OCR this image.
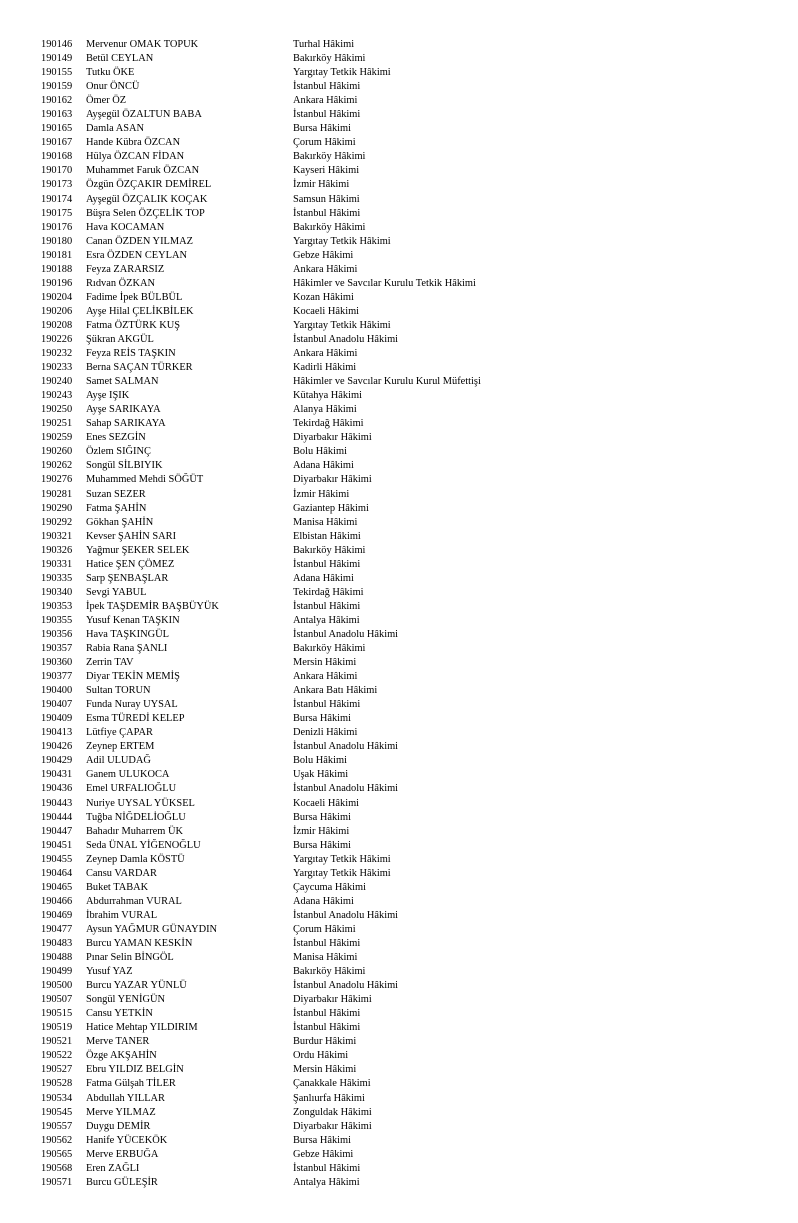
190146 Mervenur OMAK TOPUK	Turhal Hâkimi
190149 Betül CEYLAN	Bakırköy Hâkimi
190155 Tutku ÖKE	Yargıtay Tetkik Hâkimi
190159 Onur ÖNCÜ	İstanbul Hâkimi
190162 Ömer ÖZ	Ankara Hâkimi
190163 Ayşegül ÖZALTUN BABA	İstanbul Hâkimi
190165 Damla ASAN	Bursa Hâkimi
190167 Hande Kübra ÖZCAN	Çorum Hâkimi
190168 Hülya ÖZCAN FİDAN	Bakırköy Hâkimi
190170 Muhammet Faruk ÖZCAN	Kayseri Hâkimi
190173 Özgün ÖZÇAKIR DEMİREL	İzmir Hâkimi
190174 Ayşegül ÖZÇALIK KOÇAK	Samsun Hâkimi
190175 Büşra Selen ÖZÇELİK TOP	İstanbul Hâkimi
190176 Hava KOCAMAN	Bakırköy Hâkimi
190180 Canan ÖZDEN YILMAZ	Yargıtay Tetkik Hâkimi
190181 Esra ÖZDEN CEYLAN	Gebze Hâkimi
190188 Feyza ZARARSIZ	Ankara Hâkimi
190196 Rıdvan ÖZKAN	Hâkimler ve Savcılar Kurulu Tetkik Hâkimi
190204 Fadime İpek BÜLBÜL	Kozan Hâkimi
190206 Ayşe Hilal ÇELİKBİLEK	Kocaeli Hâkimi
190208 Fatma ÖZTÜRK KUŞ	Yargıtay Tetkik Hâkimi
190226 Şükran AKGÜL	İstanbul Anadolu Hâkimi
190232 Feyza REİS TAŞKIN	Ankara Hâkimi
190233 Berna SAÇAN TÜRKER	Kadirli Hâkimi
190240 Samet SALMAN	Hâkimler ve Savcılar Kurulu Kurul Müfettişi
190243 Ayşe IŞIK	Kütahya Hâkimi
190250 Ayşe SARIKAYA	Alanya Hâkimi
190251 Sahap SARIKAYA	Tekirdağ Hâkimi
190259 Enes SEZGİN	Diyarbakır Hâkimi
190260 Özlem SIĞINÇ	Bolu Hâkimi
190262 Songül SİLBIYIK	Adana Hâkimi
190276 Muhammed Mehdi SÖĞÜT	Diyarbakır Hâkimi
190281 Suzan SEZER	İzmir Hâkimi
190290 Fatma ŞAHİN	Gaziantep Hâkimi
190292 Gökhan ŞAHİN	Manisa Hâkimi
190321 Kevser ŞAHİN SARI	Elbistan Hâkimi
190326 Yağmur ŞEKER SELEK	Bakırköy Hâkimi
190331 Hatice ŞEN ÇÖMEZ	İstanbul Hâkimi
190335 Sarp ŞENBAŞLAR	Adana Hâkimi
190340 Sevgi YABUL	Tekirdağ Hâkimi
190353 İpek TAŞDEMİR BAŞBÜYÜK	İstanbul Hâkimi
190355 Yusuf Kenan TAŞKIN	Antalya Hâkimi
190356 Hava TAŞKINGÜL	İstanbul Anadolu Hâkimi
190357 Rabia Rana ŞANLI	Bakırköy Hâkimi
190360 Zerrin TAV	Mersin Hâkimi
190377 Diyar TEKİN MEMİŞ	Ankara Hâkimi
190400 Sultan TORUN	Ankara Batı Hâkimi
190407 Funda Nuray UYSAL	İstanbul Hâkimi
190409 Esma TÜREDİ KELEP	Bursa Hâkimi
190413 Lütfiye ÇAPAR	Denizli Hâkimi
190426 Zeynep ERTEM	İstanbul Anadolu Hâkimi
190429 Adil ULUDAĞ	Bolu Hâkimi
190431 Ganem ULUKOCA	Uşak Hâkimi
190436 Emel URFALIOĞLU	İstanbul Anadolu Hâkimi
190443 Nuriye UYSAL YÜKSEL	Kocaeli Hâkimi
190444 Tuğba NİĞDELİOĞLU	Bursa Hâkimi
190447 Bahadır Muharrem ÜK	İzmir Hâkimi
190451 Seda ÜNAL YİĞENOĞLU	Bursa Hâkimi
190455 Zeynep Damla KÖSTÜ	Yargıtay Tetkik Hâkimi
190464 Cansu VARDAR	Yargıtay Tetkik Hâkimi
190465 Buket TABAK	Çaycuma Hâkimi
190466 Abdurrahman VURAL	Adana Hâkimi
190469 İbrahim VURAL	İstanbul Anadolu Hâkimi
190477 Aysun YAĞMUR GÜNAYDIN	Çorum Hâkimi
190483 Burcu YAMAN KESKİN	İstanbul Hâkimi
190488 Pınar Selin BİNGÖL	Manisa Hâkimi
190499 Yusuf YAZ	Bakırköy Hâkimi
190500 Burcu YAZAR YÜNLÜ	İstanbul Anadolu Hâkimi
190507 Songül YENİGÜN	Diyarbakır Hâkimi
190515 Cansu YETKİN	İstanbul Hâkimi
190519 Hatice Mehtap YILDIRIM	İstanbul Hâkimi
190521 Merve TANER	Burdur Hâkimi
190522 Özge AKŞAHİN	Ordu Hâkimi
190527 Ebru YILDIZ BELGİN	Mersin Hâkimi
190528 Fatma Gülşah TİLER	Çanakkale Hâkimi
190534 Abdullah YILLAR	Şanlıurfa Hâkimi
190545 Merve YILMAZ	Zonguldak Hâkimi
190557 Duygu DEMİR	Diyarbakır Hâkimi
190562 Hanife YÜCEKÖK	Bursa Hâkimi
190565 Merve ERBUĞA	Gebze Hâkimi
190568 Eren ZAĞLI	İstanbul Hâkimi
190571 Burcu GÜLEŞİR	Antalya Hâkimi
